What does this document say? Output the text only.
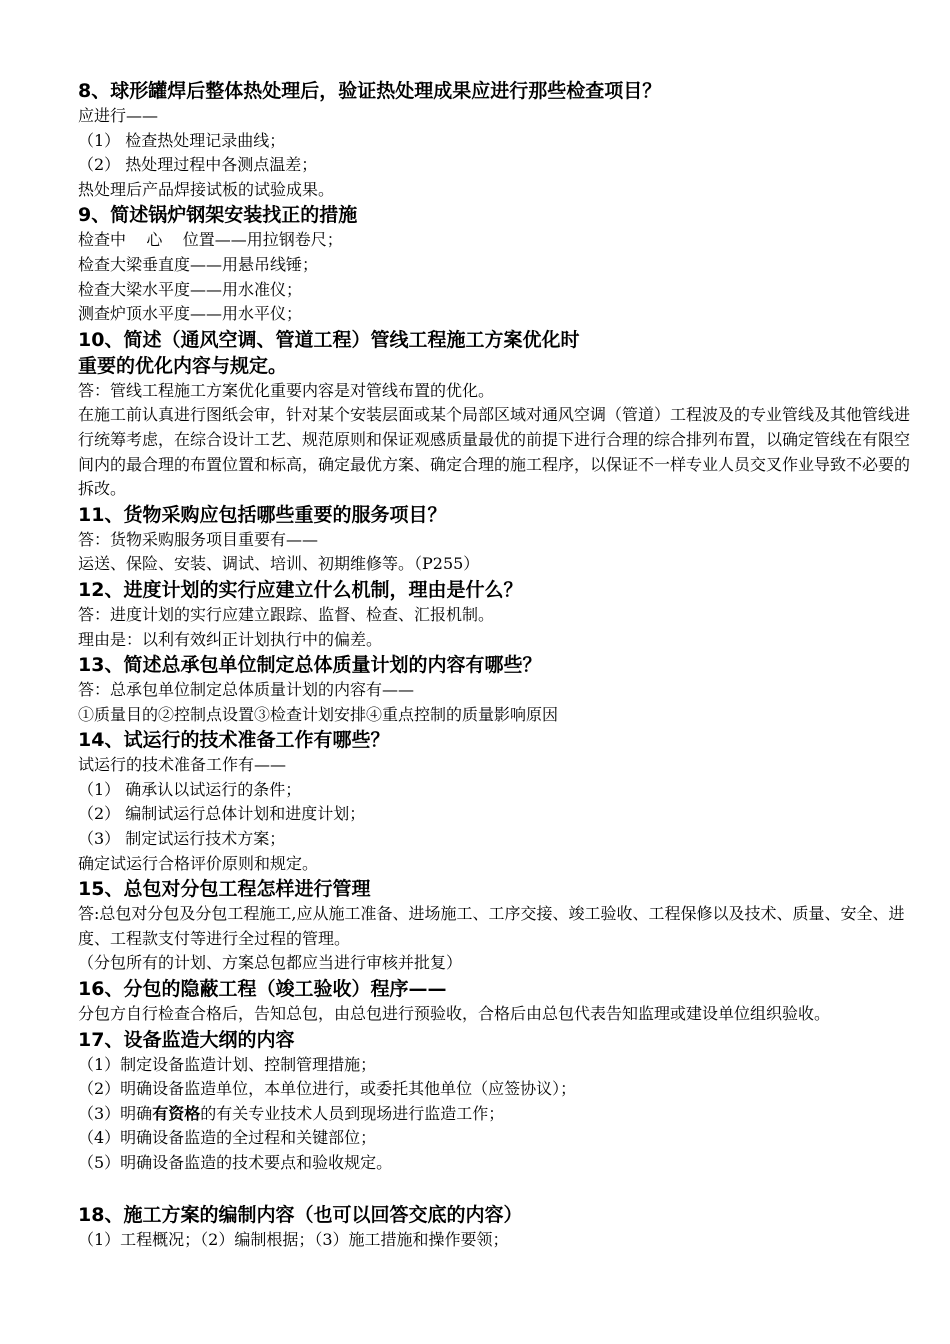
8、球形罐焊后整体热处理后，验证热处理成果应进行那些检查项目？

应进行——

（1） 检查热处理记录曲线；

（2） 热处理过程中各测点温差；

热处理后产品焊接试板的试验成果。

9、简述锅炉钢架安装找正的措施

检查中    心    位置——用拉钢卷尺；

检查大梁垂直度——用悬吊线锤；

检查大梁水平度——用水准仪；

测查炉顶水平度——用水平仪；

10、简述（通风空调、管道工程）管线工程施工方案优化时

重要的优化内容与规定。

答：管线工程施工方案优化重要内容是对管线布置的优化。

在施工前认真进行图纸会审，针对某个安装层面或某个局部区域对通风空调（管道）工程波及的专业管线及其他管线进行统筹考虑，在综合设计工艺、规范原则和保证观感质量最优的前提下进行合理的综合排列布置，以确定管线在有限空间内的最合理的布置位置和标高，确定最优方案、确定合理的施工程序，以保证不一样专业人员交叉作业导致不必要的拆改。

11、货物采购应包括哪些重要的服务项目？

答：货物采购服务项目重要有——

运送、保险、安装、调试、培训、初期维修等。（P255）

12、进度计划的实行应建立什么机制，理由是什么？

答：进度计划的实行应建立跟踪、监督、检查、汇报机制。

理由是：以利有效纠正计划执行中的偏差。

13、简述总承包单位制定总体质量计划的内容有哪些？

答：总承包单位制定总体质量计划的内容有——

①质量目的②控制点设置③检查计划安排④重点控制的质量影响原因

14、试运行的技术准备工作有哪些？

试运行的技术准备工作有——

（1） 确承认以试运行的条件；

（2） 编制试运行总体计划和进度计划；

（3） 制定试运行技术方案；

确定试运行合格评价原则和规定。

15、总包对分包工程怎样进行管理

答:总包对分包及分包工程施工,应从施工准备、进场施工、工序交接、竣工验收、工程保修以及技术、质量、安全、进度、工程款支付等进行全过程的管理。

（分包所有的计划、方案总包都应当进行审核并批复）

16、分包的隐蔽工程（竣工验收）程序——

分包方自行检查合格后，告知总包，由总包进行预验收，合格后由总包代表告知监理或建设单位组织验收。

17、设备监造大纲的内容

（1）制定设备监造计划、控制管理措施；

（2）明确设备监造单位，本单位进行，或委托其他单位（应签协议）；

（3）明确有资格的有关专业技术人员到现场进行监造工作；

（4）明确设备监造的全过程和关键部位；

（5）明确设备监造的技术要点和验收规定。

18、施工方案的编制内容（也可以回答交底的内容）

（1）工程概况；（2）编制根据；（3）施工措施和操作要领；
